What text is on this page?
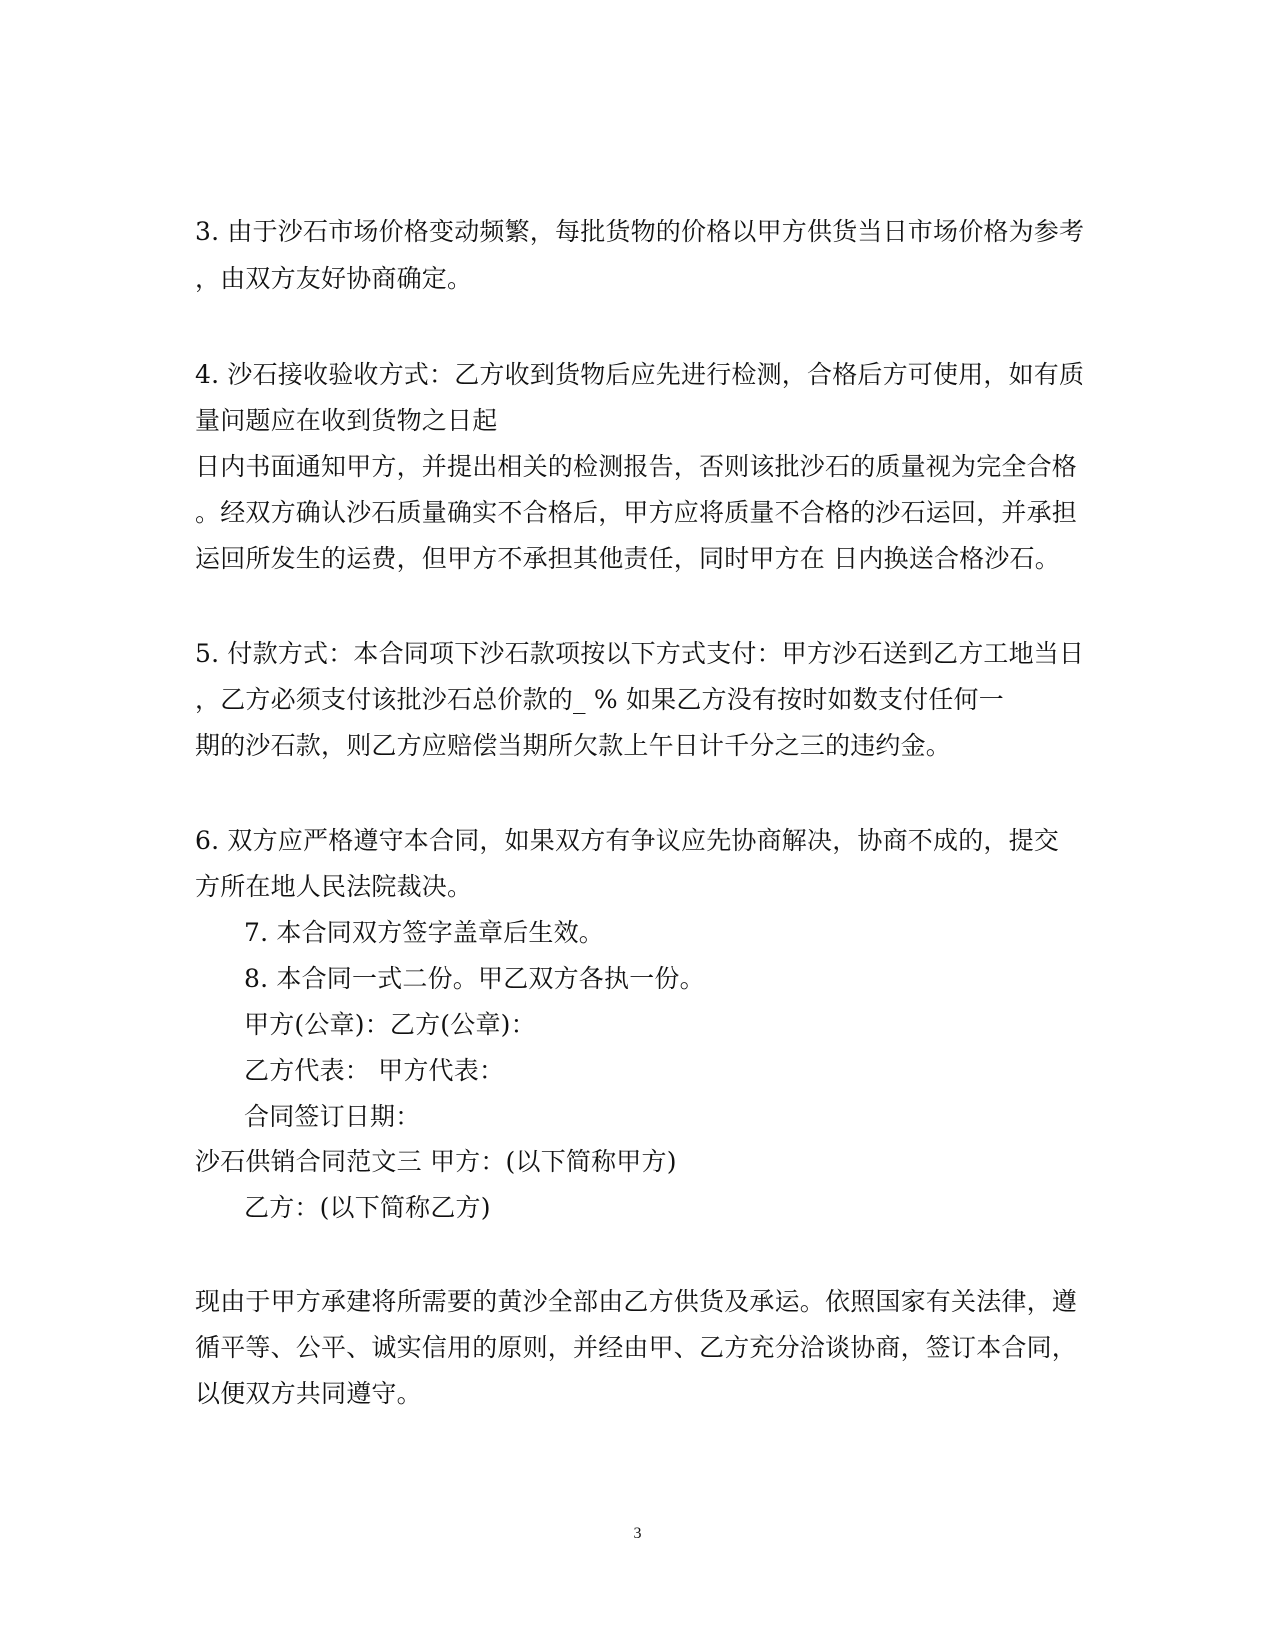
3. 由于沙石市场价格变动频繁，每批货物的价格以甲方供货当日市场价格为参考
，由双方友好协商确定。
4. 沙石接收验收方式：乙方收到货物后应先进行检测，合格后方可使用，如有质
量问题应在收到货物之日起
日内书面通知甲方，并提出相关的检测报告，否则该批沙石的质量视为完全合格
。经双方确认沙石质量确实不合格后，甲方应将质量不合格的沙石运回，并承担
运回所发生的运费，但甲方不承担其他责任，同时甲方在 日内换送合格沙石。
5. 付款方式：本合同项下沙石款项按以下方式支付：甲方沙石送到乙方工地当日
，乙方必须支付该批沙石总价款的_ % 如果乙方没有按时如数支付任何一
期的沙石款，则乙方应赔偿当期所欠款上午日计千分之三的违约金。
6. 双方应严格遵守本合同，如果双方有争议应先协商解决，协商不成的，提交
方所在地人民法院裁决。
7. 本合同双方签字盖章后生效。
8. 本合同一式二份。甲乙双方各执一份。
甲方(公章)：乙方(公章)：
乙方代表： 甲方代表：
合同签订日期：
沙石供销合同范文三 甲方：(以下简称甲方)
乙方：(以下简称乙方)
现由于甲方承建将所需要的黄沙全部由乙方供货及承运。依照国家有关法律，遵
循平等、公平、诚实信用的原则，并经由甲、乙方充分洽谈协商，签订本合同，
以便双方共同遵守。
3
